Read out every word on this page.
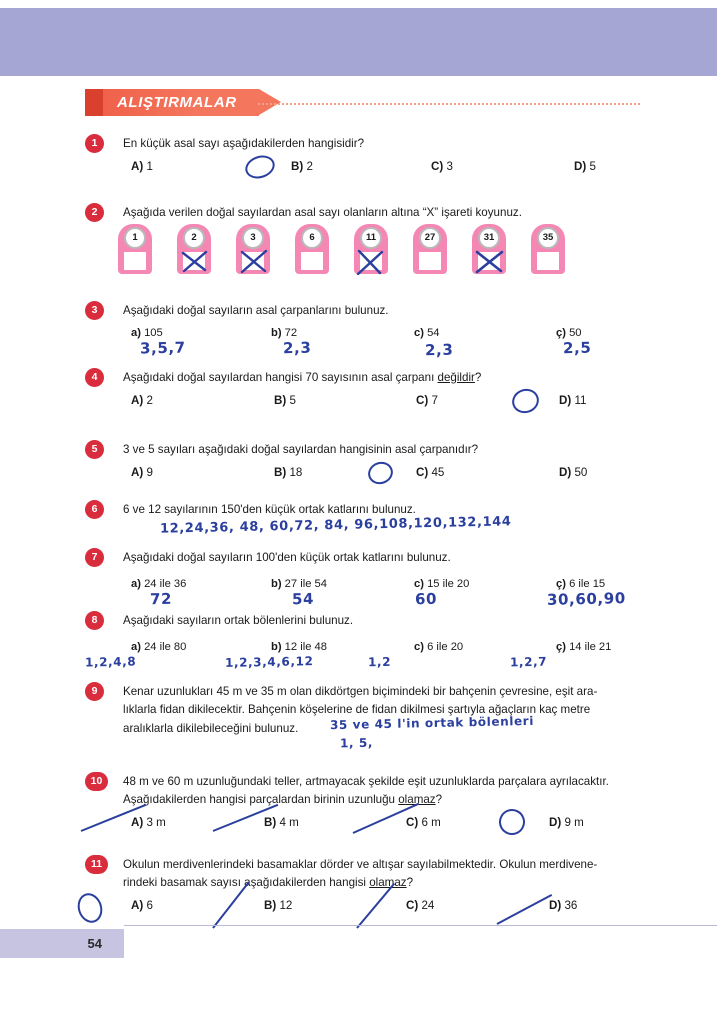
ALIŞTIRMALAR
1 En küçük asal sayı aşağıdakilerden hangisidir?
A) 1	B) 2	C) 3	D) 5
2 Aşağıda verilen doğal sayılardan asal sayı olanların altına “X” işareti koyunuz.
1	2	3	6	11	27	31	35
3 Aşağıdaki doğal sayıların asal çarpanlarını bulunuz.
a) 105	b) 72	c) 54	ç) 50
3,5,7	2,3	2,3	2,5
4 Aşağıdaki doğal sayılardan hangisi 70 sayısının asal çarpanı değildir?
A) 2	B) 5	C) 7	D) 11
5 3 ve 5 sayıları aşağıdaki doğal sayılardan hangisinin asal çarpanıdır?
A) 9	B) 18	C) 45	D) 50
6 6 ve 12 sayılarının 150'den küçük ortak katlarını bulunuz.
12,24,36, 48, 60,72, 84, 96,108,120,132,144
7 Aşağıdaki doğal sayıların 100'den küçük ortak katlarını bulunuz.
a) 24 ile 36	b) 27 ile 54	c) 15 ile 20	ç) 6 ile 15
72	54	60	30,60,90
8 Aşağıdaki sayıların ortak bölenlerini bulunuz.
a) 24 ile 80	b) 12 ile 48	c) 6 ile 20	ç) 14 ile 21
1,2,4,8	1,2,3,4,6,12	1,2	1,2,7
9 Kenar uzunlukları 45 m ve 35 m olan dikdörtgen biçimindeki bir bahçenin çevresine, eşit ara-
lıklarla fidan dikilecektir. Bahçenin köşelerine de fidan dikilmesi şartıyla ağaçların kaç metre
aralıklarla dikilebileceğini bulunuz.	35 ve 45 l'in ortak bölenleri
1, 5,
10 48 m ve 60 m uzunluğundaki teller, artmayacak şekilde eşit uzunluklarda parçalara ayrılacaktır.
Aşağıdakilerden hangisi parçalardan birinin uzunluğu olamaz?
A) 3 m	B) 4 m	C) 6 m	D) 9 m
11 Okulun merdivenlerindeki basamaklar dörder ve altışar sayılabilmektedir. Okulun merdivene-
rindeki basamak sayısı aşağıdakilerden hangisi olamaz?
A) 6	B) 12	C) 24	D) 36
54
